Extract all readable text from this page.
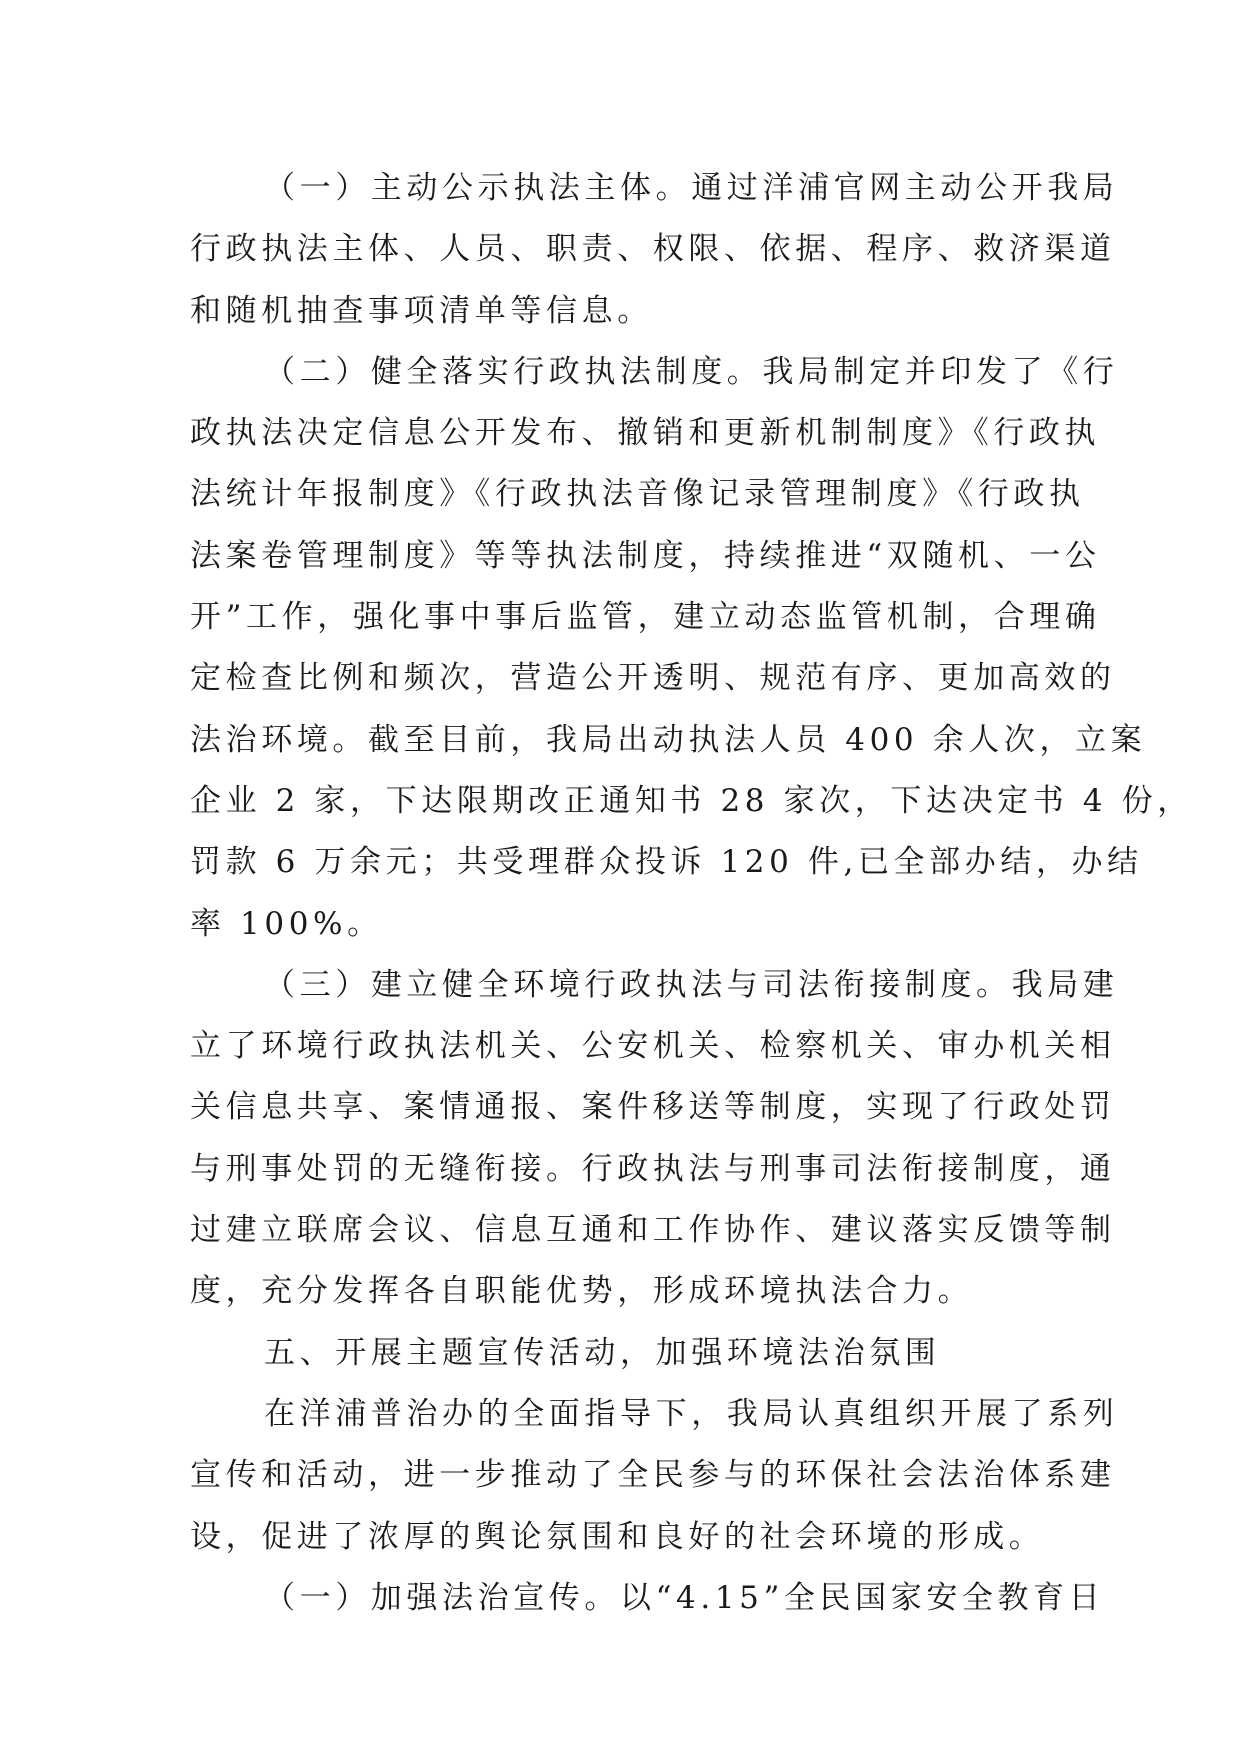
（一）主动公示执法主体。通过洋浦官网主动公开我局
行政执法主体、人员、职责、权限、依据、程序、救济渠道
和随机抽查事项清单等信息。
（二）健全落实行政执法制度。我局制定并印发了《行
政执法决定信息公开发布、撤销和更新机制制度》《行政执
法统计年报制度》《行政执法音像记录管理制度》《行政执
法案卷管理制度》等等执法制度，持续推进“双随机、一公
开”工作，强化事中事后监管，建立动态监管机制，合理确
定检查比例和频次，营造公开透明、规范有序、更加高效的
法治环境。截至目前，我局出动执法人员 400 余人次，立案
企业 2 家，下达限期改正通知书 28 家次，下达决定书 4 份，
罚款 6 万余元；共受理群众投诉 120 件,已全部办结，办结
率 100%。
（三）建立健全环境行政执法与司法衔接制度。我局建
立了环境行政执法机关、公安机关、检察机关、审办机关相
关信息共享、案情通报、案件移送等制度，实现了行政处罚
与刑事处罚的无缝衔接。行政执法与刑事司法衔接制度，通
过建立联席会议、信息互通和工作协作、建议落实反馈等制
度，充分发挥各自职能优势，形成环境执法合力。
五、开展主题宣传活动，加强环境法治氛围
在洋浦普治办的全面指导下，我局认真组织开展了系列
宣传和活动，进一步推动了全民参与的环保社会法治体系建
设，促进了浓厚的舆论氛围和良好的社会环境的形成。
（一）加强法治宣传。以“4.15”全民国家安全教育日
